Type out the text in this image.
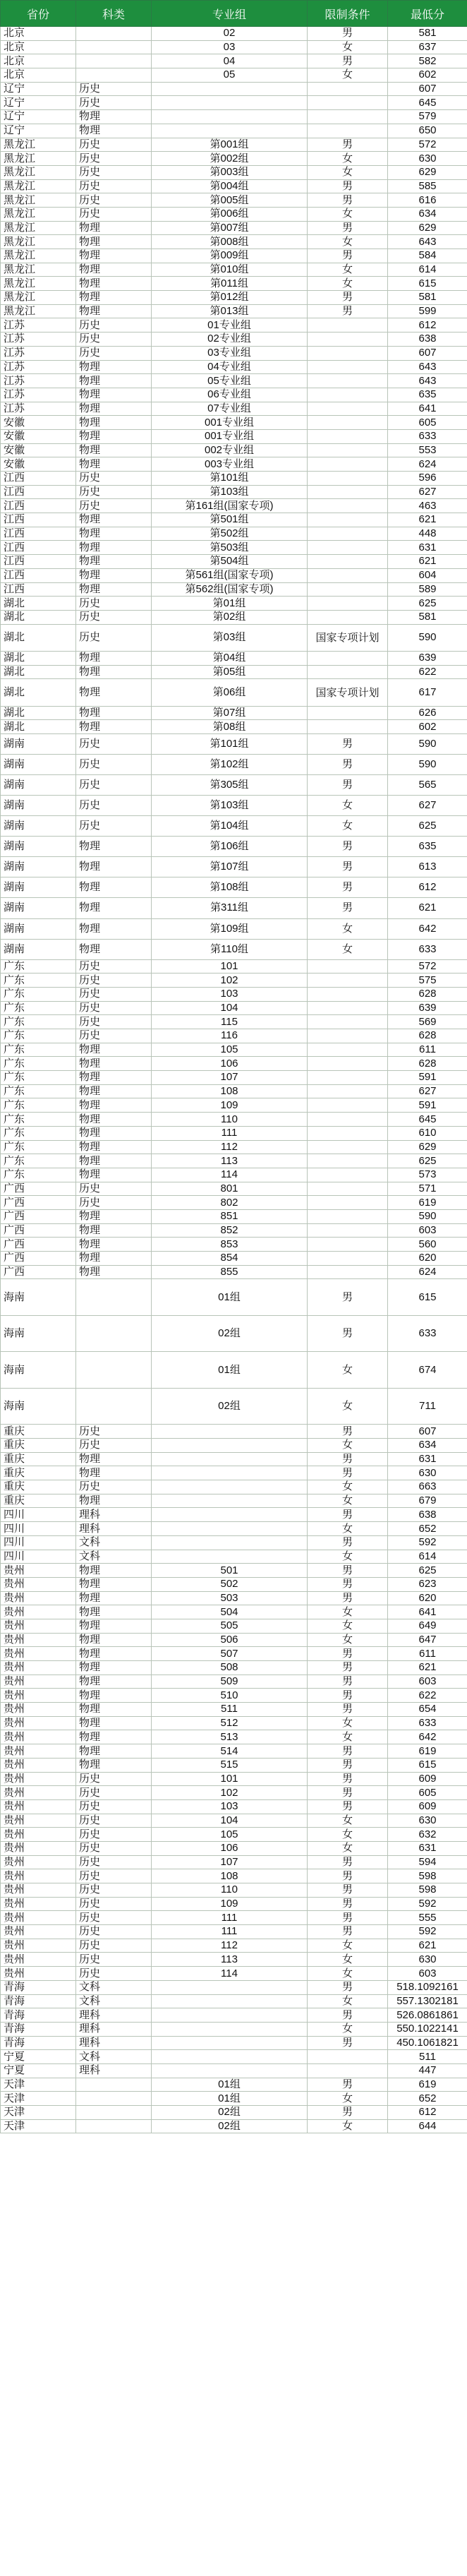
省份	科类	专业组	限制条件	最低分
北京		02	男	581
北京		03	女	637
北京		04	男	582
北京		05	女	602
辽宁	历史			607
辽宁	历史			645
辽宁	物理			579
辽宁	物理			650
黑龙江	历史	第001组	男	572
黑龙江	历史	第002组	女	630
黑龙江	历史	第003组	女	629
黑龙江	历史	第004组	男	585
黑龙江	历史	第005组	男	616
黑龙江	历史	第006组	女	634
黑龙江	物理	第007组	男	629
黑龙江	物理	第008组	女	643
黑龙江	物理	第009组	男	584
黑龙江	物理	第010组	女	614
黑龙江	物理	第011组	女	615
黑龙江	物理	第012组	男	581
黑龙江	物理	第013组	男	599
江苏	历史	01专业组		612
江苏	历史	02专业组		638
江苏	历史	03专业组		607
江苏	物理	04专业组		643
江苏	物理	05专业组		643
江苏	物理	06专业组		635
江苏	物理	07专业组		641
安徽	物理	001专业组		605
安徽	物理	001专业组		633
安徽	物理	002专业组		553
安徽	物理	003专业组		624
江西	历史	第101组		596
江西	历史	第103组		627
江西	历史	第161组(国家专项)		463
江西	物理	第501组		621
江西	物理	第502组		448
江西	物理	第503组		631
江西	物理	第504组		621
江西	物理	第561组(国家专项)		604
江西	物理	第562组(国家专项)		589
湖北	历史	第01组		625
湖北	历史	第02组		581
湖北	历史	第03组	国家专项计划	590
湖北	物理	第04组		639
湖北	物理	第05组		622
湖北	物理	第06组	国家专项计划	617
湖北	物理	第07组		626
湖北	物理	第08组		602
湖南	历史	第101组	男	590
湖南	历史	第102组	男	590
湖南	历史	第305组	男	565
湖南	历史	第103组	女	627
湖南	历史	第104组	女	625
湖南	物理	第106组	男	635
湖南	物理	第107组	男	613
湖南	物理	第108组	男	612
湖南	物理	第311组	男	621
湖南	物理	第109组	女	642
湖南	物理	第110组	女	633
广东	历史	101		572
广东	历史	102		575
广东	历史	103		628
广东	历史	104		639
广东	历史	115		569
广东	历史	116		628
广东	物理	105		611
广东	物理	106		628
广东	物理	107		591
广东	物理	108		627
广东	物理	109		591
广东	物理	110		645
广东	物理	111		610
广东	物理	112		629
广东	物理	113		625
广东	物理	114		573
广西	历史	801		571
广西	历史	802		619
广西	物理	851		590
广西	物理	852		603
广西	物理	853		560
广西	物理	854		620
广西	物理	855		624
海南		01组	男	615
海南		02组	男	633
海南		01组	女	674
海南		02组	女	711
重庆	历史		男	607
重庆	历史		女	634
重庆	物理		男	631
重庆	物理		男	630
重庆	历史		女	663
重庆	物理		女	679
四川	理科		男	638
四川	理科		女	652
四川	文科		男	592
四川	文科		女	614
贵州	物理	501	男	625
贵州	物理	502	男	623
贵州	物理	503	男	620
贵州	物理	504	女	641
贵州	物理	505	女	649
贵州	物理	506	女	647
贵州	物理	507	男	611
贵州	物理	508	男	621
贵州	物理	509	男	603
贵州	物理	510	男	622
贵州	物理	511	男	654
贵州	物理	512	女	633
贵州	物理	513	女	642
贵州	物理	514	男	619
贵州	物理	515	男	615
贵州	历史	101	男	609
贵州	历史	102	男	605
贵州	历史	103	男	609
贵州	历史	104	女	630
贵州	历史	105	女	632
贵州	历史	106	女	631
贵州	历史	107	男	594
贵州	历史	108	男	598
贵州	历史	110	男	598
贵州	历史	109	男	592
贵州	历史	111	男	555
贵州	历史	111	男	592
贵州	历史	112	女	621
贵州	历史	113	女	630
贵州	历史	114	女	603
青海	文科		男	518.1092161
青海	文科		女	557.1302181
青海	理科		男	526.0861861
青海	理科		女	550.1022141
青海	理科		男	450.1061821
宁夏	文科			511
宁夏	理科			447
天津		01组	男	619
天津		01组	女	652
天津		02组	男	612
天津		02组	女	644
